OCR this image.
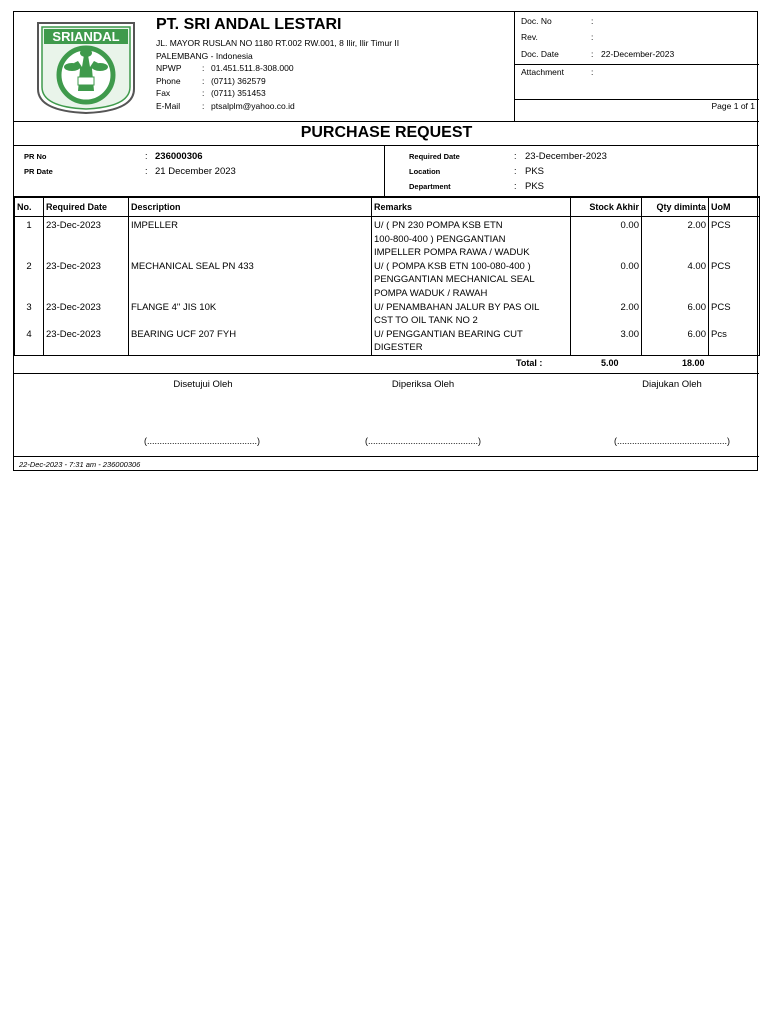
SRIANDAL
PT. SRI ANDAL LESTARI
JL. MAYOR RUSLAN NO 1180 RT.002 RW.001, 8 Ilir, Ilir Timur II
PALEMBANG - Indonesia
NPWP	: 01.451.511.8-308.000
Phone	: (0711) 362579
Fax	: (0711) 351453
E-Mail	: ptsalplm@yahoo.co.id
Doc. No	:
Rev.	:
Doc. Date	: 22-December-2023
Attachment	:
Page 1 of 1
PURCHASE REQUEST
PR No	: 236000306
PR Date	: 21 December 2023
Required Date	: 23-December-2023
Location	: PKS
Department	: PKS
No.	Required Date	Description	Remarks	Stock Akhir	Qty diminta	UoM
1	23-Dec-2023	IMPELLER	U/ ( PN 230 POMPA KSB ETN
100-800-400 ) PENGGANTIAN
IMPELLER POMPA RAWA / WADUK	0.00	2.00	PCS
2	23-Dec-2023	MECHANICAL SEAL PN 433	U/ ( POMPA KSB ETN 100-080-400 )
PENGGANTIAN MECHANICAL SEAL
POMPA WADUK / RAWAH	0.00	4.00	PCS
3	23-Dec-2023	FLANGE 4" JIS 10K	U/ PENAMBAHAN JALUR BY PAS OIL
CST TO OIL TANK NO 2	2.00	6.00	PCS
4	23-Dec-2023	BEARING UCF 207 FYH	U/ PENGGANTIAN BEARING CUT
DIGESTER	3.00	6.00	Pcs
Total :	5.00	18.00
Disetujui Oleh	Diperiksa Oleh	Diajukan Oleh
(............................................)	(............................................)	(............................................)
22-Dec-2023 - 7:31 am - 236000306
